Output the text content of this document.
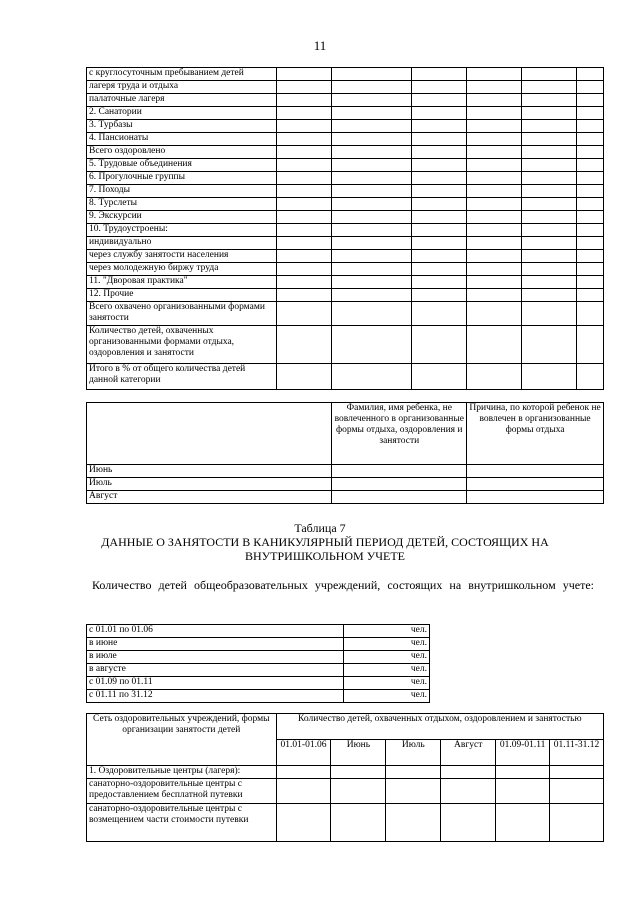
11
с круглосуточным пребыванием детей						
лагеря труда и отдыха						
палаточные лагеря						
2. Санатории						
3. Турбазы						
4. Пансионаты						
Всего оздоровлено						
5. Трудовые объединения						
6. Прогулочные группы						
7. Походы						
8. Турслеты						
9. Экскурсии						
10. Трудоустроены:						
индивидуально						
через службу занятости населения						
через молодежную биржу труда						
11. "Дворовая практика"						
12. Прочие						
Всего охвачено организованными формами занятости						
Количество детей, охваченных организованными формами отдыха, оздоровления и занятости						
Итого в % от общего количества детей данной категории						
	Фамилия, имя ребенка, не вовлеченного в организованные формы отдыха, оздоровления и занятости	Причина, по которой ребенок не вовлечен в организованные формы отдыха
Июнь		
Июль		
Август		
Таблица 7
ДАННЫЕ О ЗАНЯТОСТИ В КАНИКУЛЯРНЫЙ ПЕРИОД ДЕТЕЙ, СОСТОЯЩИХ НА ВНУТРИШКОЛЬНОМ УЧЕТЕ
Количество детей общеобразовательных учреждений, состоящих на внутришкольном учете:
с 01.01 по 01.06	чел.
в июне	чел.
в июле	чел.
в августе	чел.
с 01.09 по 01.11	чел.
с 01.11 по 31.12	чел.
Сеть оздоровительных учреждений, формы организации занятости детей	Количество детей, охваченных отдыхом, оздоровлением и занятостью					
	01.01-01.06	Июнь	Июль	Август	01.09-01.11	01.11-31.12
1. Оздоровительные центры (лагеря):						
санаторно-оздоровительные центры с предоставлением бесплатной путевки						
санаторно-оздоровительные центры с возмещением части стоимости путевки						
